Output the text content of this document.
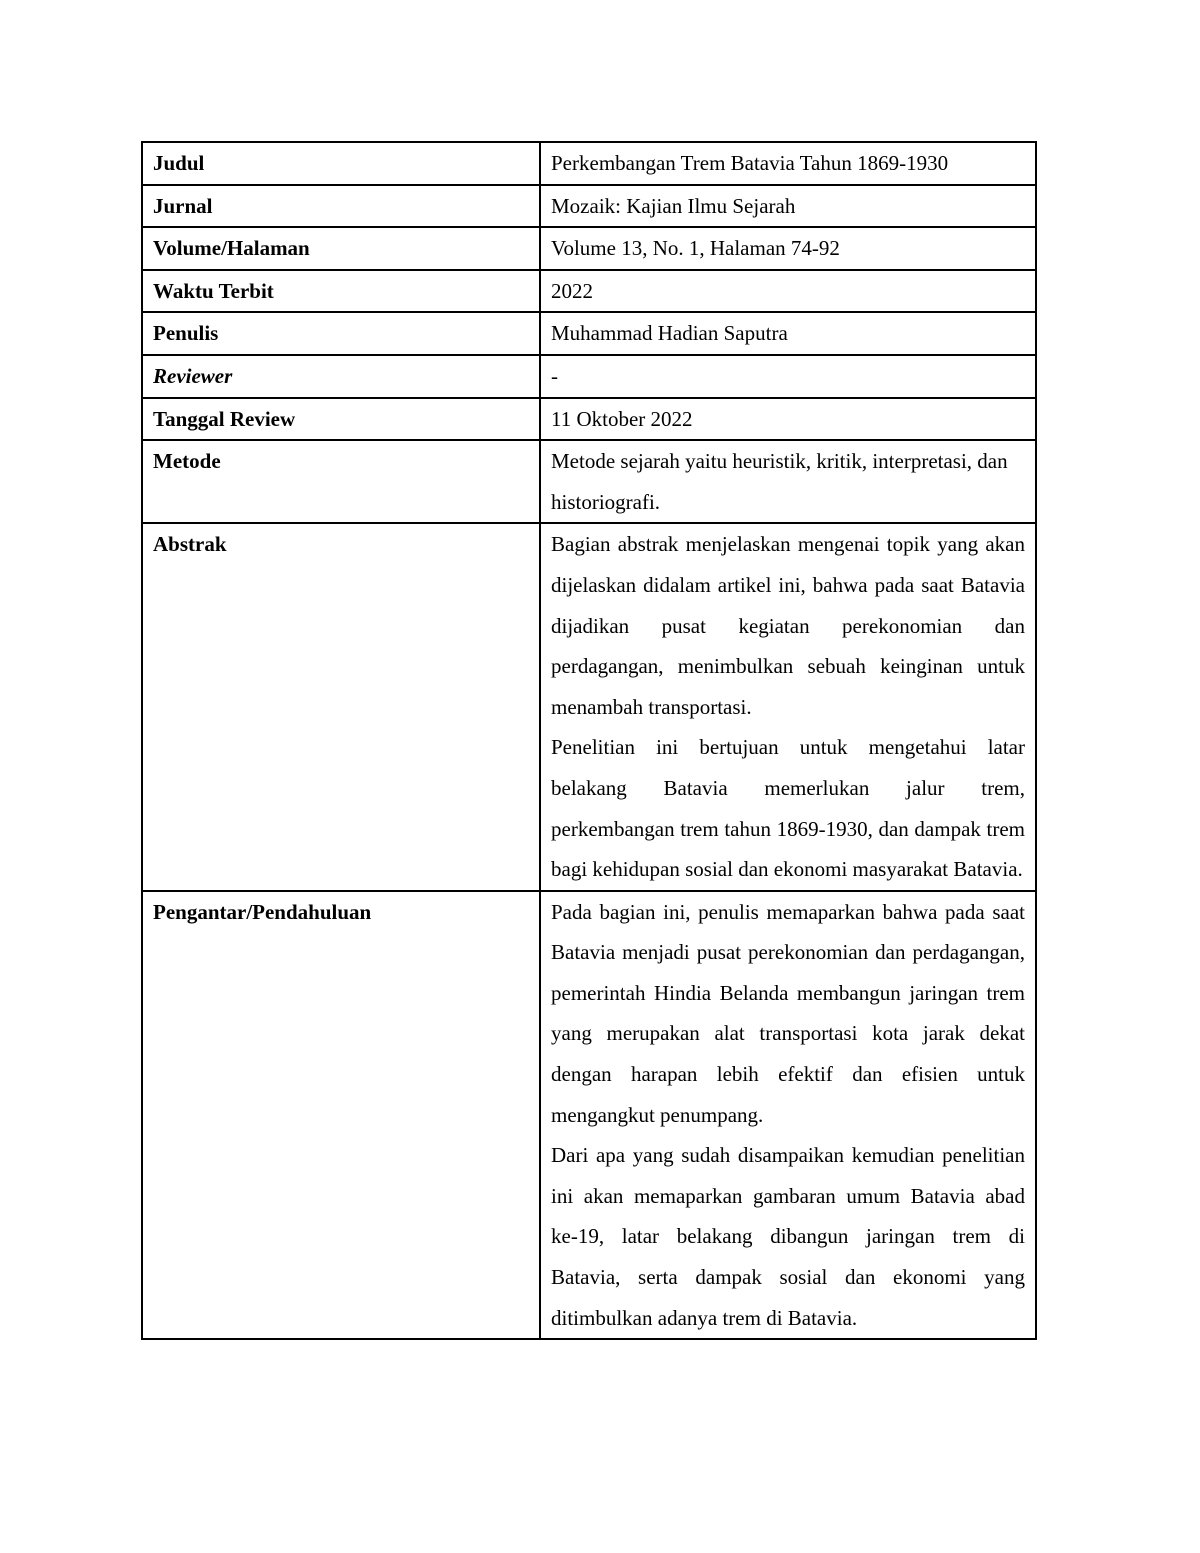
Judul	Perkembangan Trem Batavia Tahun 1869-1930
Jurnal	Mozaik: Kajian Ilmu Sejarah
Volume/Halaman	Volume 13, No. 1, Halaman 74-92
Waktu Terbit	2022
Penulis	Muhammad Hadian Saputra
Reviewer	-
Tanggal Review	11 Oktober 2022
Metode	Metode sejarah yaitu heuristik, kritik, interpretasi, dan historiografi.
Abstrak	Bagian abstrak menjelaskan mengenai topik yang akan dijelaskan didalam artikel ini, bahwa pada saat Batavia dijadikan pusat kegiatan perekonomian dan perdagangan, menimbulkan sebuah keinginan untuk menambah transportasi.
Penelitian ini bertujuan untuk mengetahui latar belakang Batavia memerlukan jalur trem, perkembangan trem tahun 1869-1930, dan dampak trem bagi kehidupan sosial dan ekonomi masyarakat Batavia.

Pengantar/Pendahuluan	Pada bagian ini, penulis memaparkan bahwa pada saat Batavia menjadi pusat perekonomian dan perdagangan, pemerintah Hindia Belanda membangun jaringan trem yang merupakan alat transportasi kota jarak dekat dengan harapan lebih efektif dan efisien untuk mengangkut penumpang.
Dari apa yang sudah disampaikan kemudian penelitian ini akan memaparkan gambaran umum Batavia abad ke-19, latar belakang dibangun jaringan trem di Batavia, serta dampak sosial dan ekonomi yang ditimbulkan adanya trem di Batavia.
